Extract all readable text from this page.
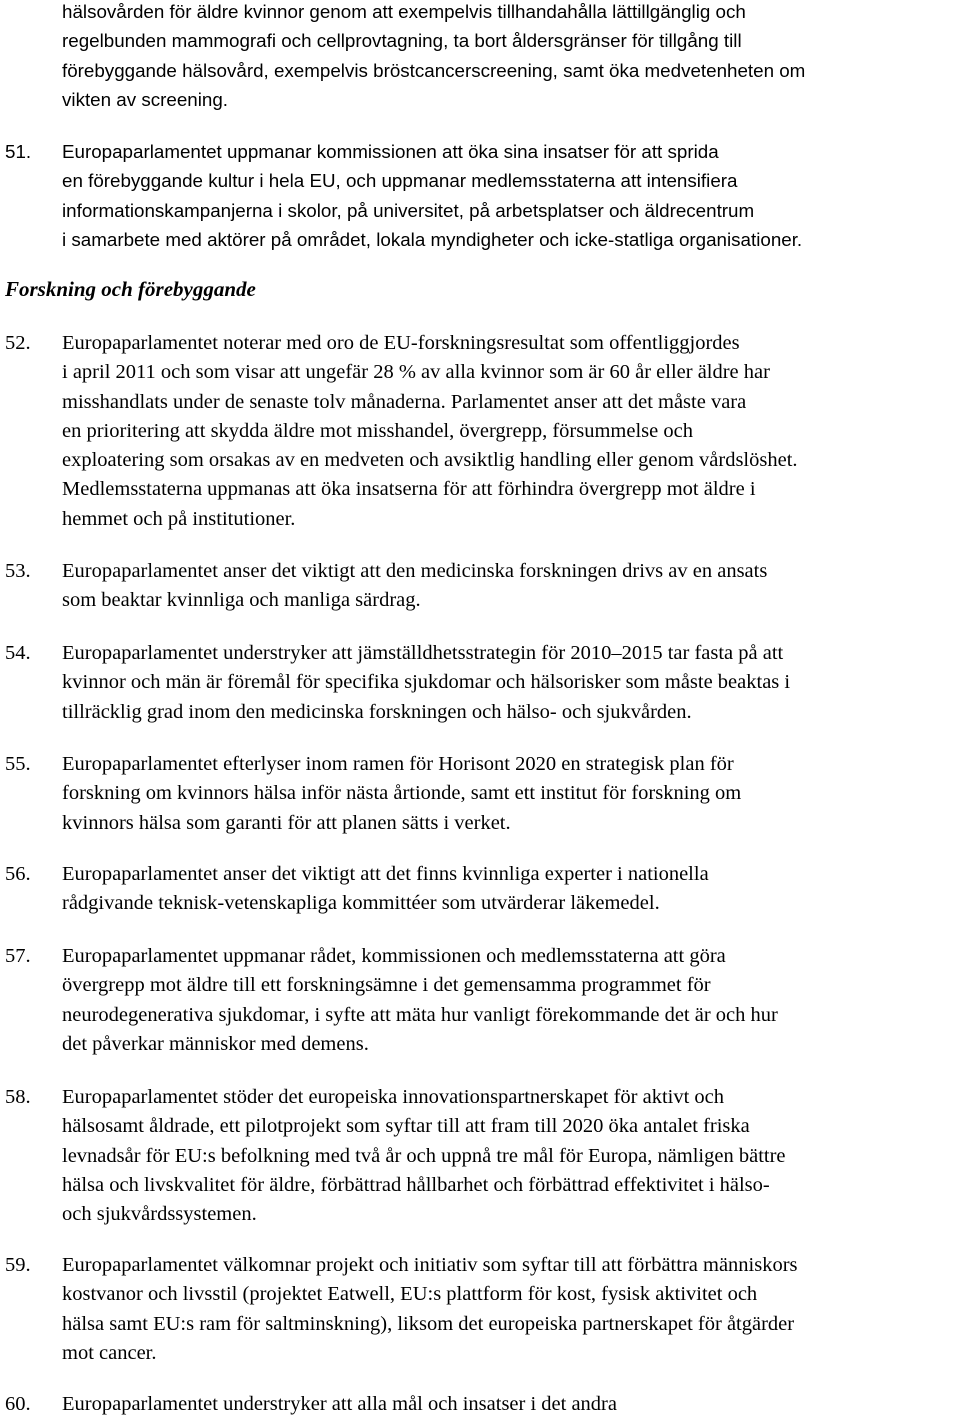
hälsovården för äldre kvinnor genom att exempelvis tillhandahålla lättillgänglig och
regelbunden mammografi och cellprovtagning, ta bort åldersgränser för tillgång till
förebyggande hälsovård, exempelvis bröstcancerscreening, samt öka medvetenheten om
vikten av screening.
51. Europaparlamentet uppmanar kommissionen att öka sina insatser för att sprida
en förebyggande kultur i hela EU, och uppmanar medlemsstaterna att intensifiera
informationskampanjerna i skolor, på universitet, på arbetsplatser och äldrecentrum
i samarbete med aktörer på området, lokala myndigheter och icke-statliga organisationer.
Forskning och förebyggande
52. Europaparlamentet noterar med oro de EU-forskningsresultat som offentliggjordes
i april 2011 och som visar att ungefär 28 % av alla kvinnor som är 60 år eller äldre har
misshandlats under de senaste tolv månaderna. Parlamentet anser att det måste vara
en prioritering att skydda äldre mot misshandel, övergrepp, försummelse och
exploatering som orsakas av en medveten och avsiktlig handling eller genom vårdslöshet.
Medlemsstaterna uppmanas att öka insatserna för att förhindra övergrepp mot äldre i
hemmet och på institutioner.
53. Europaparlamentet anser det viktigt att den medicinska forskningen drivs av en ansats
som beaktar kvinnliga och manliga särdrag.
54. Europaparlamentet understryker att jämställdhetsstrategin för 2010–2015 tar fasta på att
kvinnor och män är föremål för specifika sjukdomar och hälsorisker som måste beaktas i
tillräcklig grad inom den medicinska forskningen och hälso- och sjukvården.
55. Europaparlamentet efterlyser inom ramen för Horisont 2020 en strategisk plan för
forskning om kvinnors hälsa inför nästa årtionde, samt ett institut för forskning om
kvinnors hälsa som garanti för att planen sätts i verket.
56. Europaparlamentet anser det viktigt att det finns kvinnliga experter i nationella
rådgivande teknisk-vetenskapliga kommittéer som utvärderar läkemedel.
57. Europaparlamentet uppmanar rådet, kommissionen och medlemsstaterna att göra
övergrepp mot äldre till ett forskningsämne i det gemensamma programmet för
neurodegenerativa sjukdomar, i syfte att mäta hur vanligt förekommande det är och hur
det påverkar människor med demens.
58. Europaparlamentet stöder det europeiska innovationspartnerskapet för aktivt och
hälsosamt åldrade, ett pilotprojekt som syftar till att fram till 2020 öka antalet friska
levnadsår för EU:s befolkning med två år och uppnå tre mål för Europa, nämligen bättre
hälsa och livskvalitet för äldre, förbättrad hållbarhet och förbättrad effektivitet i hälso-
och sjukvårdssystemen.
59. Europaparlamentet välkomnar projekt och initiativ som syftar till att förbättra människors
kostvanor och livsstil (projektet Eatwell, EU:s plattform för kost, fysisk aktivitet och
hälsa samt EU:s ram för saltminskning), liksom det europeiska partnerskapet för åtgärder
mot cancer.
60. Europaparlamentet understryker att alla mål och insatser i det andra
